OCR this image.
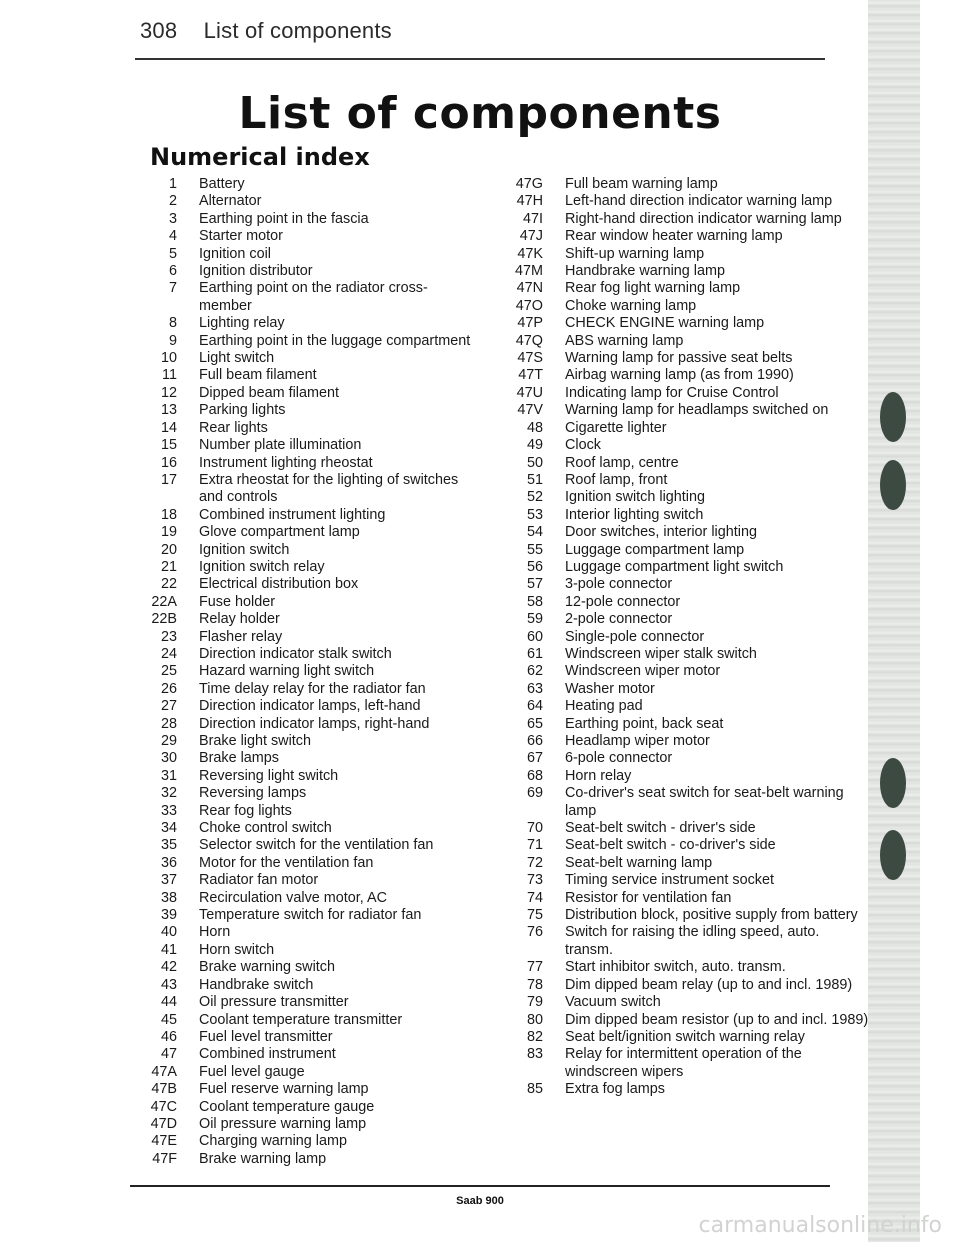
308 List of components
List of components
Numerical index
1	Battery
2	Alternator
3	Earthing point in the fascia
4	Starter motor
5	Ignition coil
6	Ignition distributor
7	Earthing point on the radiator cross-member
8	Lighting relay
9	Earthing point in the luggage compartment
10	Light switch
11	Full beam filament
12	Dipped beam filament
13	Parking lights
14	Rear lights
15	Number plate illumination
16	Instrument lighting rheostat
17	Extra rheostat for the lighting of switches and controls
18	Combined instrument lighting
19	Glove compartment lamp
20	Ignition switch
21	Ignition switch relay
22	Electrical distribution box
22A	Fuse holder
22B	Relay holder
23	Flasher relay
24	Direction indicator stalk switch
25	Hazard warning light switch
26	Time delay relay for the radiator fan
27	Direction indicator lamps, left-hand
28	Direction indicator lamps, right-hand
29	Brake light switch
30	Brake lamps
31	Reversing light switch
32	Reversing lamps
33	Rear fog lights
34	Choke control switch
35	Selector switch for the ventilation fan
36	Motor for the ventilation fan
37	Radiator fan motor
38	Recirculation valve motor, AC
39	Temperature switch for radiator fan
40	Horn
41	Horn switch
42	Brake warning switch
43	Handbrake switch
44	Oil pressure transmitter
45	Coolant temperature transmitter
46	Fuel level transmitter
47	Combined instrument
47A	Fuel level gauge
47B	Fuel reserve warning lamp
47C	Coolant temperature gauge
47D	Oil pressure warning lamp
47E	Charging warning lamp
47F	Brake warning lamp
47G	Full beam warning lamp
47H	Left-hand direction indicator warning lamp
47I	Right-hand direction indicator warning lamp
47J	Rear window heater warning lamp
47K	Shift-up warning lamp
47M	Handbrake warning lamp
47N	Rear fog light warning lamp
47O	Choke warning lamp
47P	CHECK ENGINE warning lamp
47Q	ABS warning lamp
47S	Warning lamp for passive seat belts
47T	Airbag warning lamp (as from 1990)
47U	Indicating lamp for Cruise Control
47V	Warning lamp for headlamps switched on
48	Cigarette lighter
49	Clock
50	Roof lamp, centre
51	Roof lamp, front
52	Ignition switch lighting
53	Interior lighting switch
54	Door switches, interior lighting
55	Luggage compartment lamp
56	Luggage compartment light switch
57	3-pole connector
58	12-pole connector
59	2-pole connector
60	Single-pole connector
61	Windscreen wiper stalk switch
62	Windscreen wiper motor
63	Washer motor
64	Heating pad
65	Earthing point, back seat
66	Headlamp wiper motor
67	6-pole connector
68	Horn relay
69	Co-driver's seat switch for seat-belt warning lamp
70	Seat-belt switch - driver's side
71	Seat-belt switch - co-driver's side
72	Seat-belt warning lamp
73	Timing service instrument socket
74	Resistor for ventilation fan
75	Distribution block, positive supply from battery
76	Switch for raising the idling speed, auto. transm.
77	Start inhibitor switch, auto. transm.
78	Dim dipped beam relay (up to and incl. 1989)
79	Vacuum switch
80	Dim dipped beam resistor (up to and incl. 1989)
82	Seat belt/ignition switch warning relay
83	Relay for intermittent operation of the windscreen wipers
85	Extra fog lamps
Saab 900
carmanualsonline.info
